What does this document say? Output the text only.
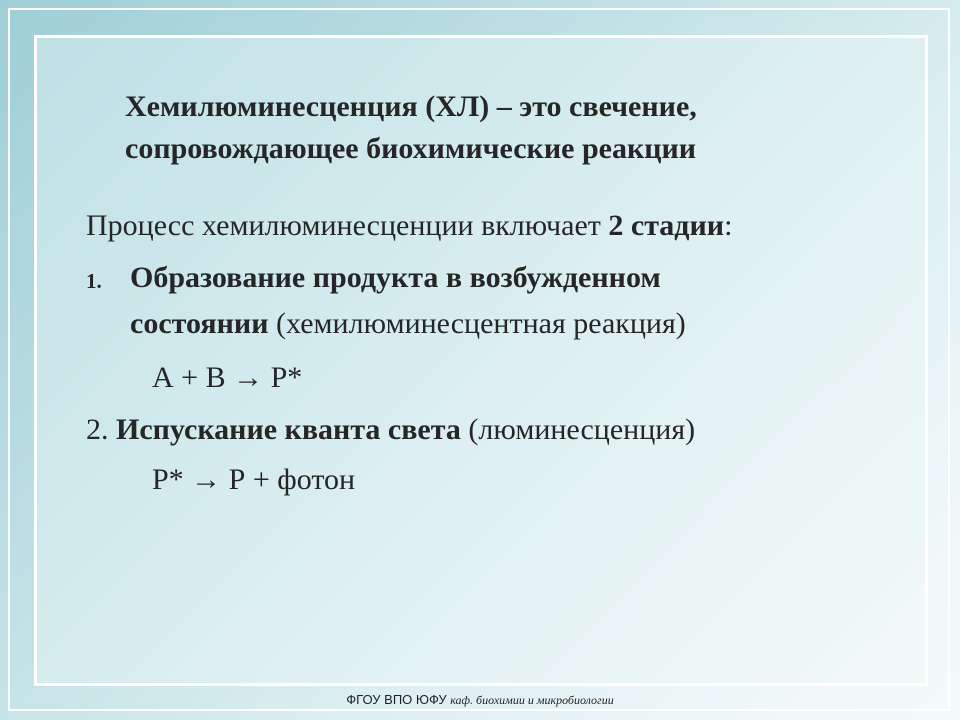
Хемилюминесценция (ХЛ) – это свечение,
сопровождающее биохимические реакции
Процесс хемилюминесценции включает 2 стадии:
1. Образование продукта в возбужденном
состоянии (хемилюминесцентная реакция)
А + В → Р*
2. Испускание кванта света (люминесценция)
Р* → Р + фотон
ФГОУ ВПО ЮФУ каф. биохимии и микробиологии
